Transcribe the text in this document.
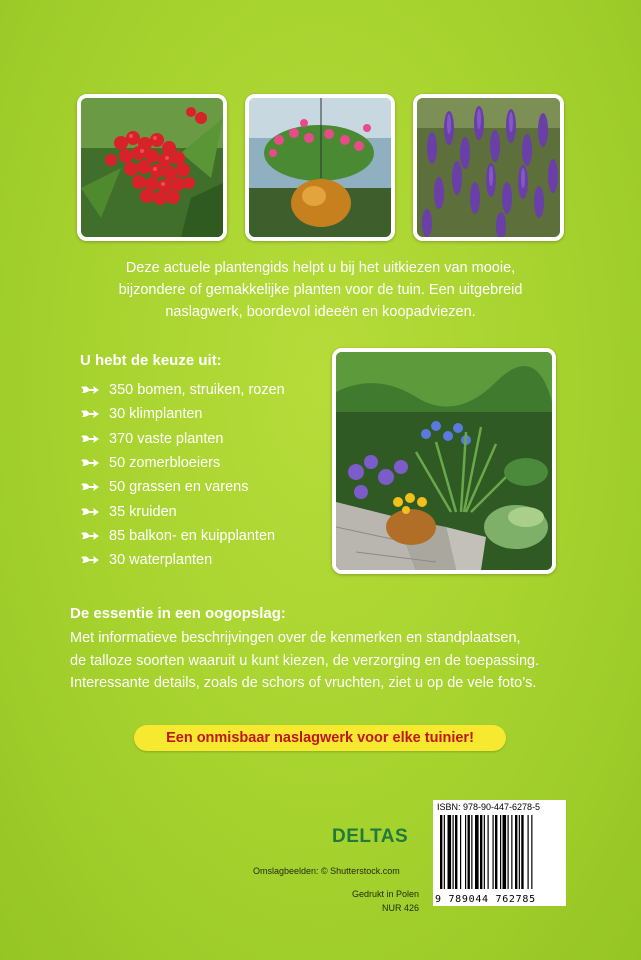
Deze actuele plantengids helpt u bij het uitkiezen van mooie,

bijzondere of gemakkelijke planten voor de tuin. Een uitgebreid

naslagwerk, boordevol ideeën en koopadviezen.

U hebt de keuze uit:
350 bomen, struiken, rozen
30 klimplanten
370 vaste planten
50 zomerbloeiers
50 grassen en varens
35 kruiden
85 balkon- en kuipplanten
30 waterplanten
De essentie in een oogopslag:

Met informatieve beschrijvingen over de kenmerken en standplaatsen,

de talloze soorten waaruit u kunt kiezen, de verzorging en de toepassing.

Interessante details, zoals de schors of vruchten, ziet u op de vele foto’s.

Een onmisbaar naslagwerk voor elke tuinier!
DELTAS
Omslagbeelden: © Shutterstock.com
Gedrukt in Polen
NUR 426
ISBN: 978-90-447-6278-5
9 789044 762785
